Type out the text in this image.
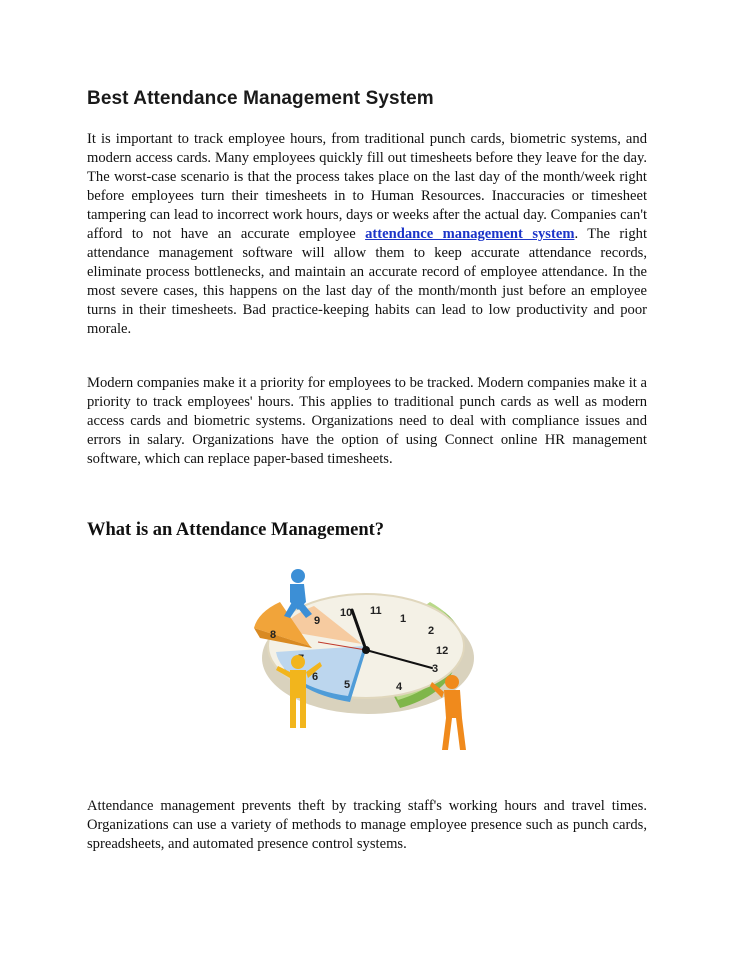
Best Attendance Management System
It is important to track employee hours, from traditional punch cards, biometric systems, and modern access cards. Many employees quickly fill out timesheets before they leave for the day. The worst-case scenario is that the process takes place on the last day of the month/week right before employees turn their timesheets in to Human Resources. Inaccuracies or timesheet tampering can lead to incorrect work hours, days or weeks after the actual day. Companies can't afford to not have an accurate employee attendance management system. The right attendance management software will allow them to keep accurate attendance records, eliminate process bottlenecks, and maintain an accurate record of employee attendance. In the most severe cases, this happens on the last day of the month/month just before an employee turns in their timesheets. Bad practice-keeping habits can lead to low productivity and poor morale.
Modern companies make it a priority for employees to be tracked. Modern companies make it a priority to track employees' hours. This applies to traditional punch cards as well as modern access cards and biometric systems. Organizations need to deal with compliance issues and errors in salary. Organizations have the option of using Connect online HR management software, which can replace paper-based timesheets.
What is an Attendance Management?
11
1
2
3
4
5
6
8
9
10
12
Attendance management prevents theft by tracking staff's working hours and travel times. Organizations can use a variety of methods to manage employee presence such as punch cards, spreadsheets, and automated presence control systems.
